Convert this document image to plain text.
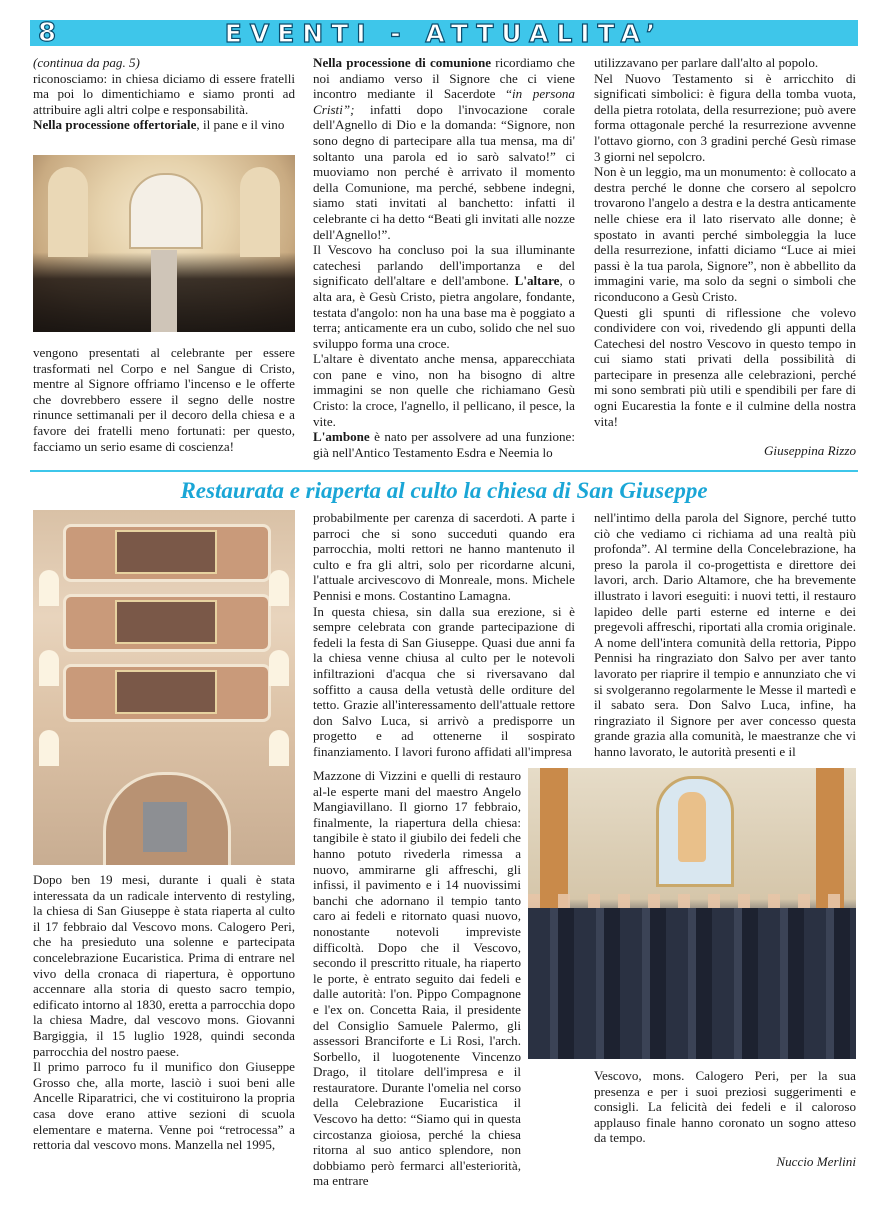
8	EVENTI - ATTUALITA’

(continua da pag. 5)

riconosciamo: in chiesa diciamo di essere fratelli ma poi lo dimentichiamo e siamo pronti ad attribuire agli altri colpe e responsabilità.

Nella processione offertoriale, il pane e il vino

vengono presentati al celebrante per essere trasformati nel Corpo e nel Sangue di Cristo, mentre al Signore offriamo l'incenso e le offerte che dovrebbero essere il segno delle nostre rinunce settimanali per il decoro della chiesa e a favore dei fratelli meno fortunati: per questo, facciamo un serio esame di coscienza!

Nella processione di comunione ricordiamo che noi andiamo verso il Signore che ci viene incontro mediante il Sacerdote “in persona Cristi”; infatti dopo l'invocazione corale dell'Agnello di Dio e la domanda: “Signore, non sono degno di partecipare alla tua mensa, ma di' soltanto una parola ed io sarò salvato!” ci muoviamo non perché è arrivato il momento della Comunione, ma perché, sebbene indegni, siamo stati invitati al banchetto: infatti il celebrante ci ha detto “Beati gli invitati alle nozze dell'Agnello!”.

Il Vescovo ha concluso poi la sua illuminante catechesi parlando dell'importanza e del significato dell'altare e dell'ambone. L'altare, o alta ara, è Gesù Cristo, pietra angolare, fondante, testata d'angolo: non ha una base ma è poggiato a terra; anticamente era un cubo, solido che nel suo sviluppo forma una croce.

L'altare è diventato anche mensa, apparecchiata con pane e vino, non ha bisogno di altre immagini se non quelle che richiamano Gesù Cristo: la croce, l'agnello, il pellicano, il pesce, la vite.

L'ambone è nato per assolvere ad una funzione: già nell'Antico Testamento Esdra e Neemia lo

utilizzavano per parlare dall'alto al popolo.

Nel Nuovo Testamento si è arricchito di significati simbolici: è figura della tomba vuota, della pietra rotolata, della resurrezione; può avere forma ottagonale perché la resurrezione avvenne l'ottavo giorno, con 3 gradini perché Gesù rimase 3 giorni nel sepolcro.

Non è un leggio, ma un monumento: è collocato a destra perché le donne che corsero al sepolcro trovarono l'angelo a destra e la destra anticamente nelle chiese era il lato riservato alle donne; è spostato in avanti perché simboleggia la luce della resurrezione, infatti diciamo “Luce ai miei passi è la tua parola, Signore”, non è abbellito da immagini varie, ma solo da segni o simboli che riconducono a Gesù Cristo.

Questi gli spunti di riflessione che volevo condividere con voi, rivedendo gli appunti della Catechesi del nostro Vescovo in questo tempo in cui siamo stati privati della possibilità di partecipare in presenza alle celebrazioni, perché mi sono sembrati più utili e spendibili per fare di ogni Eucarestia la fonte e il culmine della nostra vita!

Giuseppina Rizzo

Restaurata e riaperta al culto la chiesa di San Giuseppe

Dopo ben 19 mesi, durante i quali è stata interessata da un radicale intervento di restyling, la chiesa di San Giuseppe è stata riaperta al culto il 17 febbraio dal Vescovo mons. Calogero Peri, che ha presieduto una solenne e partecipata concelebrazione Eucaristica. Prima di entrare nel vivo della cronaca di riapertura, è opportuno accennare alla storia di questo sacro tempio, edificato intorno al 1830, eretta a parrocchia dopo la chiesa Madre, dal vescovo mons. Giovanni Bargiggia, il 15 luglio 1928, quindi seconda parrocchia del nostro paese.

Il primo parroco fu il munifico don Giuseppe Grosso che, alla morte, lasciò i suoi beni alle Ancelle Riparatrici, che vi costituirono la propria casa dove erano attive sezioni di scuola elementare e materna. Venne poi “retrocessa” a rettoria dal vescovo mons. Manzella nel 1995,

probabilmente per carenza di sacerdoti. A parte i parroci che si sono succeduti quando era parrocchia, molti rettori ne hanno mantenuto il culto e fra gli altri, solo per ricordarne alcuni, l'attuale arcivescovo di Monreale, mons. Michele Pennisi e mons. Costantino Lamagna.

In questa chiesa, sin dalla sua erezione, si è sempre celebrata con grande partecipazione di fedeli la festa di San Giuseppe. Quasi due anni fa la chiesa venne chiusa al culto per le notevoli infiltrazioni d'acqua che si riversavano dal soffitto a causa della vetustà delle orditure del tetto. Grazie all'interessamento dell'attuale rettore don Salvo Luca, si arrivò a predisporre un progetto e ad ottenerne il sospirato finanziamento. I lavori furono affidati all'impresa

Mazzone di Vizzini e quelli di restauro al-le esperte mani del maestro Angelo Mangiavillano. Il giorno 17 febbraio, finalmente, la riapertura della chiesa: tangibile è stato il giubilo dei fedeli che hanno potuto rivederla rimessa a nuovo, ammirarne gli affreschi, gli infissi, il pavimento e i 14 nuovissimi banchi che adornano il tempio tanto caro ai fedeli e ritornato quasi nuovo, nonostante notevoli impreviste difficoltà. Dopo che il Vescovo, secondo il prescritto rituale, ha riaperto le porte, è entrato seguito dai fedeli e dalle autorità: l'on. Pippo Compagnone e l'ex on. Concetta Raia, il presidente del Consiglio Samuele Palermo, gli assessori Branciforte e Li Rosi, l'arch. Sorbello, il luogotenente Vincenzo Drago, il titolare dell'impresa e il restauratore. Durante l'omelia nel corso della Celebrazione Eucaristica il Vescovo ha detto: “Siamo qui in questa circostanza gioiosa, perché la chiesa ritorna al suo antico splendore, non dobbiamo però fermarci all'esteriorità, ma entrare

nell'intimo della parola del Signore, perché tutto ciò che vediamo ci richiama ad una realtà più profonda”. Al termine della Concelebrazione, ha preso la parola il co-progettista e direttore dei lavori, arch. Dario Altamore, che ha brevemente illustrato i lavori eseguiti: i nuovi tetti, il restauro lapideo delle parti esterne ed interne e dei pregevoli affreschi, riportati alla cromia originale. A nome dell'intera comunità della rettoria, Pippo Pennisi ha ringraziato don Salvo per aver tanto lavorato per riaprire il tempio e annunziato che vi si svolgeranno regolarmente le Messe il martedì e il sabato sera. Don Salvo Luca, infine, ha ringraziato il Signore per aver concesso questa grande grazia alla comunità, le maestranze che vi hanno lavorato, le autorità presenti e il

Vescovo, mons. Calogero Peri, per la sua presenza e per i suoi preziosi suggerimenti e consigli. La felicità dei fedeli e il caloroso applauso finale hanno coronato un sogno atteso da tempo.

Nuccio Merlini
